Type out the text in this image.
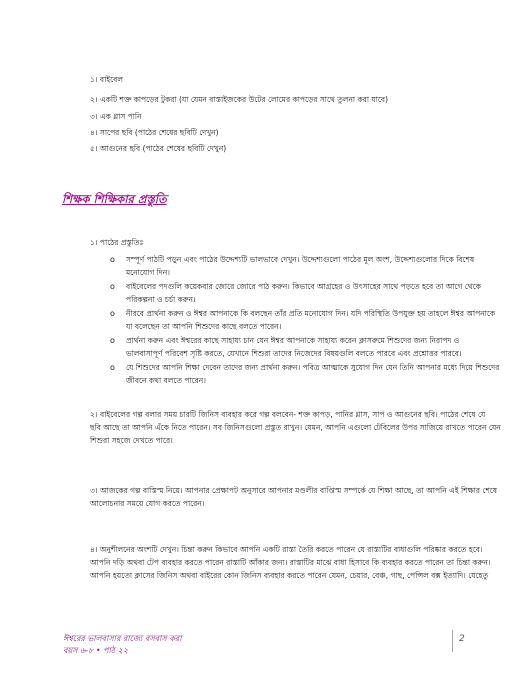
১। বাইবেল
২। একটি শক্ত কাপড়ের টুকরা (যা যেমন বাস্তাইজকের উটের লোমের কাপড়ের সাথে তুলনা করা যাবে)
৩। এক গ্লাস পানি
৪। সাপের ছবি (পাঠের শেষের ছবিটি দেখুন)
৫। আগুনের ছবি (পাঠের শেষের ছবিটি দেখুন)
শিক্ষক শিক্ষিকার প্রস্তুতি
১। পাঠের প্রস্তুতিঃ
o সম্পূর্ণ পাঠটি পড়ুন এবং পাঠের উদ্দেশ্যটি ভালভাবে দেখুন। উদ্দেশ্যগুলো পাঠের মূল অংশ, উদ্দেশ্যগুলোর দিকে বিশেষ
মনোযোগ দিন।
o বাইবেলের পদগুলি কয়েকবার জোরে জোরে পাঠ করুন। কিভাবে আগ্রহের ও উৎসাহের সাথে পড়তে হবে তা আগে থেকে
পরিকল্পনা ও চর্চা করুন।
o নীরবে প্রার্থনা করুন ও ঈশ্বর আপনাকে কি বলছেন তাঁর প্রতি মনোযোগ দিন। যদি পরিস্থিতি উপযুক্ত হয় তাহলে ঈশ্বর আপনাকে
যা বলেছেন তা আপনি শিশুদের কাছে বলতে পারেন।
o প্রার্থনা করুন এবং ঈশ্বরের কাছে সাহায্য চান যেন ঈশ্বর আপনাকে সাহায্য করেন ক্লাসরুমে শিশুদের জন্য নিরাপদ ও
ভালবাসাপূর্ণ পরিবেশ সৃষ্টি করতে, যেখানে শিশুরা তাদের নিজেদের বিষয়গুলি বলতে পারবে এবং প্রশ্নোত্তর পারবে।
o যে শিশুদের আপনি শিক্ষা দেবেন তাদের জন্য প্রার্থনা করুন। পবিত্র আত্মাকে সুযোগ দিন যেন তিনি আপনার মধ্যে দিয়ে শিশুদের
জীবনে কথা বলতে পারেন।
২। বাইবেলের গল্প বলার সময় চারটি জিনিস ব্যবহার করে গল্প বলবেন- শক্ত কাপড়, পানির গ্লাস, সাপ ও আগুনের ছবি। পাঠের শেষে যে
ছবি আছে তা আপনি এঁকে নিতে পারেন। সব জিনিসগুলো প্রস্তুত রাখুন। যেমন, আপনি এগুলো টেবিলের উপর সাজিয়ে রাখতে পারেন যেন
শিশুরা সহজে দেখতে পারে।
৩। আজকের গল্প বাস্তিস্ম নিয়ে। আপনার প্রেক্ষাপট অনুসারে আপনার মণ্ডলীর বাপ্তিস্ম সম্পর্কে যে শিক্ষা আছে, তা আপনি এই শিক্ষার শেষে
আলোচনার সময়ে যোগ করতে পারেন।
৪। অনুশীলনের অংশটি দেখুন। চিন্তা করুন কিভাবে আপনি একটি রাস্তা তৈরি করতে পারেন যে রাস্তাটির বাধাগুলি পরিষ্কার করতে হবে।
আপনি দড়ি অথবা টেপ ব্যবহার করতে পারেন রাস্তাটি আঁকার জন্য। রাস্তাটির মাঝে বাধা হিসাবে কি ব্যবহার করতে পারেন তা চিন্তা করুন।
আপনি হয়তো ক্লাসের জিনিস অথবা বাইরের কোন জিনিস ব্যবহার করতে পারেন যেমন, চেয়ার, বেঞ্চ, গাছ, পেন্সিল বক্স ইত্যাদি। যেহেতু
ঈশ্বরের ভালবাসার রাজ্যে বসবাস করা
বয়স ৬-৮ • পাঠ ২২
2
